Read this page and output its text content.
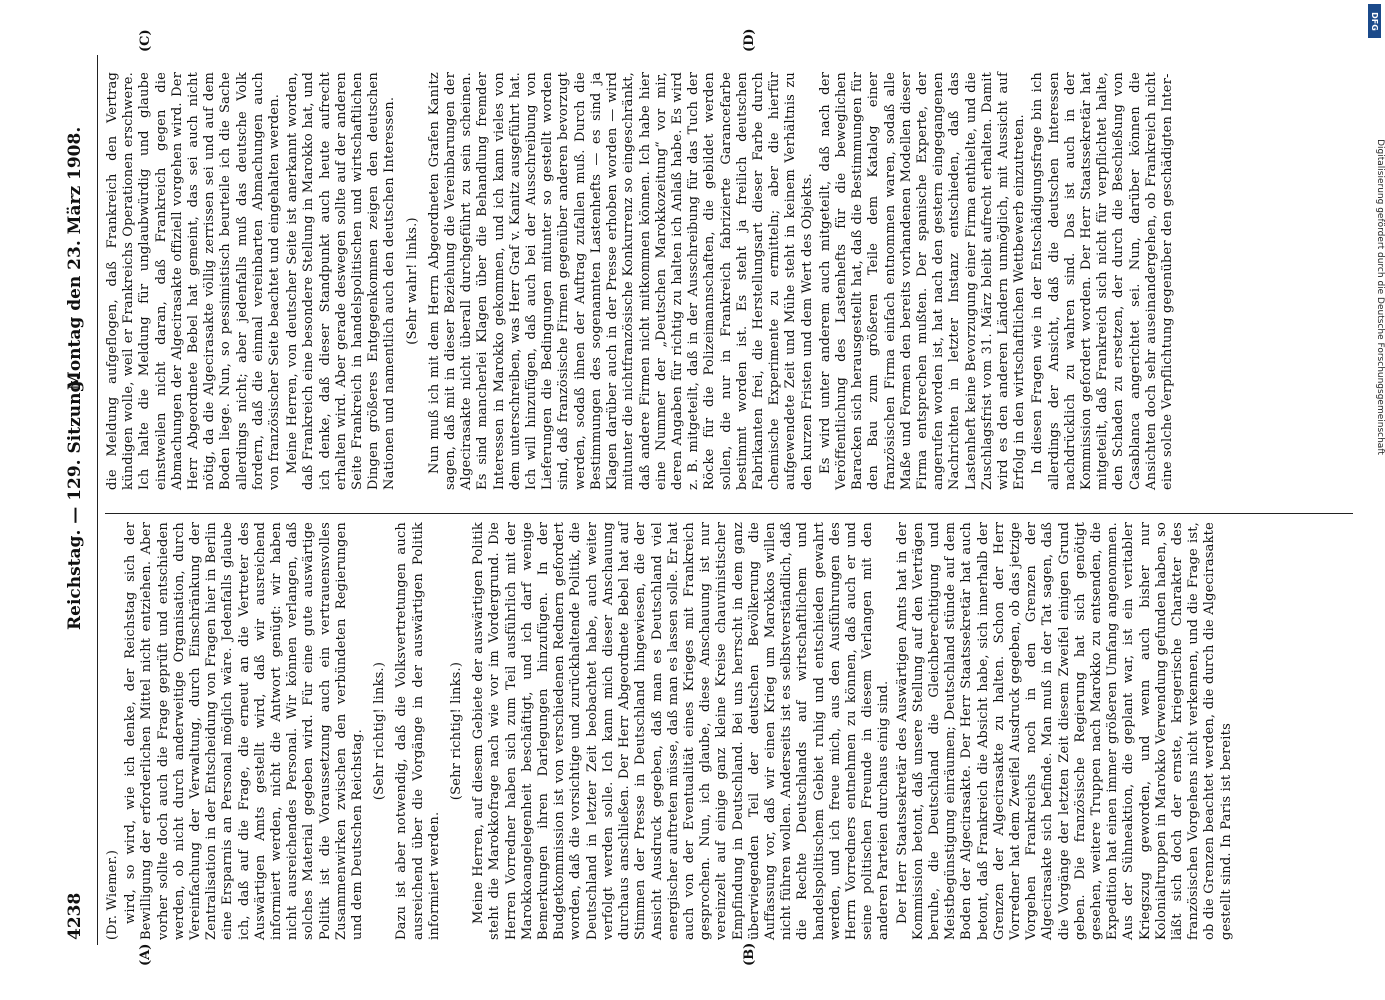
4238
Reichstag. — 129. Sitzung.
Montag den 23. März 1908.
(A)	(B)
(C)	(D)

(Dr. Wiemer.) wird, so wird, wie ich denke, der Reichstag sich der Bewilligung der erforderlichen Mittel nicht entziehen. Aber vorher sollte doch auch die Frage geprüft und entschieden werden, ob nicht durch anderweitige Organisation, durch Vereinfachung der Verwaltung, durch Einschränkung der Zentralisation in der Entscheidung von Fragen hier in Berlin eine Ersparnis an Personal möglich wäre. Jedenfalls glaube ich, daß auf die Frage, die erneut an die Vertreter des Auswärtigen Amts gestellt wird, daß wir ausreichend informiert werden, nicht die Antwort genügt: wir haben nicht ausreichendes Personal. Wir können verlangen, daß solches Material gegeben wird. Für eine gute auswärtige Politik ist die Voraussetzung auch ein vertrauensvolles Zusammenwirken zwischen den verbündeten Regierungen und dem Deutschen Reichstag. (Sehr richtig! links.) Dazu ist aber notwendig, daß die Volksvertretungen auch ausreichend über die Vorgänge in der auswärtigen Politik informiert werden.

(Sehr richtig! links.) Meine Herren, auf diesem Gebiete der auswärtigen Politik steht die Marokkofrage nach wie vor im Vordergrund. Die Herren Vorredner haben sich zum Teil ausführlich mit der Marokkoangelegenheit beschäftigt, und ich darf wenige Bemerkungen ihren Darlegungen hinzufügen. In der Budgetkommission ist von verschiedenen Rednern gefordert worden, daß die vorsichtige und zurückhaltende Politik, die Deutschland in letzter Zeit beobachtet habe, auch weiter verfolgt werden solle. Ich kann mich dieser Anschauung durchaus anschließen. Der Herr Abgeordnete Bebel hat auf Stimmen der Presse in Deutschland hingewiesen, die der Ansicht Ausdruck gegeben, daß man es Deutschland viel energischer auftreten müsse, daß man es lassen solle. Er hat auch von der Eventualität eines Krieges mit Frankreich gesprochen. Nun, ich glaube, diese Anschauung ist nur vereinzelt auf einige ganz kleine Kreise chauvinistischer Empfindung in Deutschland. Bei uns herrscht in dem ganz überwiegenden Teil der deutschen Bevölkerung die Auffassung vor, daß wir einen Krieg um Marokkos willen nicht führen wollen. Anderseits ist es selbstverständlich, daß die Rechte Deutschlands auf wirtschaftlichem und handelspolitischem Gebiet ruhig und entschieden gewahrt werden, und ich freue mich, aus den Ausführungen des Herrn Vorredners entnehmen zu können, daß auch er und seine politischen Freunde in diesem Verlangen mit den anderen Parteien durchaus einig sind. Der Herr Staatssekretär des Auswärtigen Amts hat in der Kommission betont, daß unsere Stellung auf den Verträgen beruhe, die Deutschland die Gleichberechtigung und Meistbegünstigung einräumen; Deutschland stünde auf dem Boden der Algecirasakte. Der Herr Staatssekretär hat auch betont, daß Frankreich die Absicht habe, sich innerhalb der Grenzen der Algecirasakte zu halten. Schon der Herr Vorredner hat dem Zweifel Ausdruck gegeben, ob das jetzige Vorgehen Frankreichs noch in den Grenzen der Algecirasakte sich befinde. Man muß in der Tat sagen, daß die Vorgänge der letzten Zeit diesem Zweifel einigen Grund geben. Die französische Regierung hat sich genötigt gesehen, weitere Truppen nach Marokko zu entsenden, die Expedition hat einen immer größeren Umfang angenommen. Aus der Sühneaktion, die geplant war, ist ein veritabler Kriegszug geworden, und wenn auch bisher nur Kolonialtruppen in Marokko Verwendung gefunden haben, so läßt sich doch der ernste, kriegerische Charakter des französischen Vorgehens nicht verkennen, und die Frage ist, ob die Grenzen beachtet werden, die durch die Algecirasakte gestellt sind. In Paris ist bereits

die Meldung aufgeflogen, daß Frankreich den Vertrag kündigen wolle, weil er Frankreichs Operationen erschwere. Ich halte die Meldung für unglaubwürdig und glaube einstweilen nicht daran, daß Frankreich gegen die Abmachungen der Algecirasakte offiziell vorgehen wird. Der Herr Abgeordnete Bebel hat gemeint, das sei auch nicht nötig, da die Algecirasakte völlig zerrissen sei und auf dem Boden liege. Nun, so pessimistisch beurteile ich die Sache allerdings nicht; aber jedenfalls muß das deutsche Volk fordern, daß die einmal vereinbarten Abmachungen auch von französischer Seite beachtet und eingehalten werden. Meine Herren, von deutscher Seite ist anerkannt worden, daß Frankreich eine besondere Stellung in Marokko hat, und ich denke, daß dieser Standpunkt auch heute aufrecht erhalten wird. Aber gerade deswegen sollte auf der anderen Seite Frankreich in handelspolitischen und wirtschaftlichen Dingen größeres Entgegenkommen zeigen den deutschen Nationen und namentlich auch den deutschen Interessen. (Sehr wahr! links.) Nun muß ich mit dem Herrn Abgeordneten Grafen Kanitz sagen, daß mit in dieser Beziehung die Vereinbarungen der Algecirasakte nicht überall durchgeführt zu sein scheinen. Es sind mancherlei Klagen über die Behandlung fremder Interessen in Marokko gekommen, und ich kann vieles von dem unterschreiben, was Herr Graf v. Kanitz ausgeführt hat. Ich will hinzufügen, daß auch bei der Ausschreibung von Lieferungen die Bedingungen mitunter so gestellt worden sind, daß französische Firmen gegenüber anderen bevorzugt werden, sodaß ihnen der Auftrag zufallen muß. Durch die Bestimmungen des sogenannten Lastenhefts — es sind ja Klagen darüber auch in der Presse erhoben worden — wird mitunter die nichtfranzösische Konkurrenz so eingeschränkt, daß andere Firmen nicht mitkommen können. Ich habe hier eine Nummer der „Deutschen Marokkozeitung“ vor mir, deren Angaben für richtig zu halten ich Anlaß habe. Es wird z. B. mitgeteilt, daß in der Ausschreibung für das Tuch der Röcke für die Polizeimannschaften, die gebildet werden sollen, die nur in Frankreich fabrizierte Garancefarbe bestimmt worden ist. Es steht ja freilich deutschen Fabrikanten frei, die Herstellungsart dieser Farbe durch chemische Experimente zu ermitteln; aber die hierfür aufgewendete Zeit und Mühe steht in keinem Verhältnis zu den kurzen Fristen und dem Wert des Objekts. Es wird unter anderem auch mitgeteilt, daß nach der Veröffentlichung des Lastenhefts für die beweglichen Baracken sich herausgestellt hat, daß die Bestimmungen für den Bau zum größeren Teile dem Katalog einer französischen Firma einfach entnommen waren, sodaß alle Maße und Formen den bereits vorhandenen Modellen dieser Firma entsprechen mußten. Der spanische Experte, der angerufen worden ist, hat nach den gestern eingegangenen Nachrichten in letzter Instanz entschieden, daß das Lastenheft keine Bevorzugung einer Firma enthielte, und die Zuschlagsfrist vom 31. März bleibt aufrecht erhalten. Damit wird es den anderen Ländern unmöglich, mit Aussicht auf Erfolg in den wirtschaftlichen Wettbewerb einzutreten. In diesen Fragen wie in der Entschädigungsfrage bin ich allerdings der Ansicht, daß die deutschen Interessen nachdrücklich zu wahren sind. Das ist auch in der Kommission gefordert worden. Der Herr Staatssekretär hat mitgeteilt, daß Frankreich sich nicht für verpflichtet halte, den Schaden zu ersetzen, der durch die Beschießung von Casablanca angerichtet sei. Nun, darüber können die Ansichten doch sehr auseinandergehen, ob Frankreich nicht eine solche Verpflichtung gegenüber den geschädigten Inter-

DFG
Digitalisierung gefördert durch die Deutsche Forschungsgemeinschaft
